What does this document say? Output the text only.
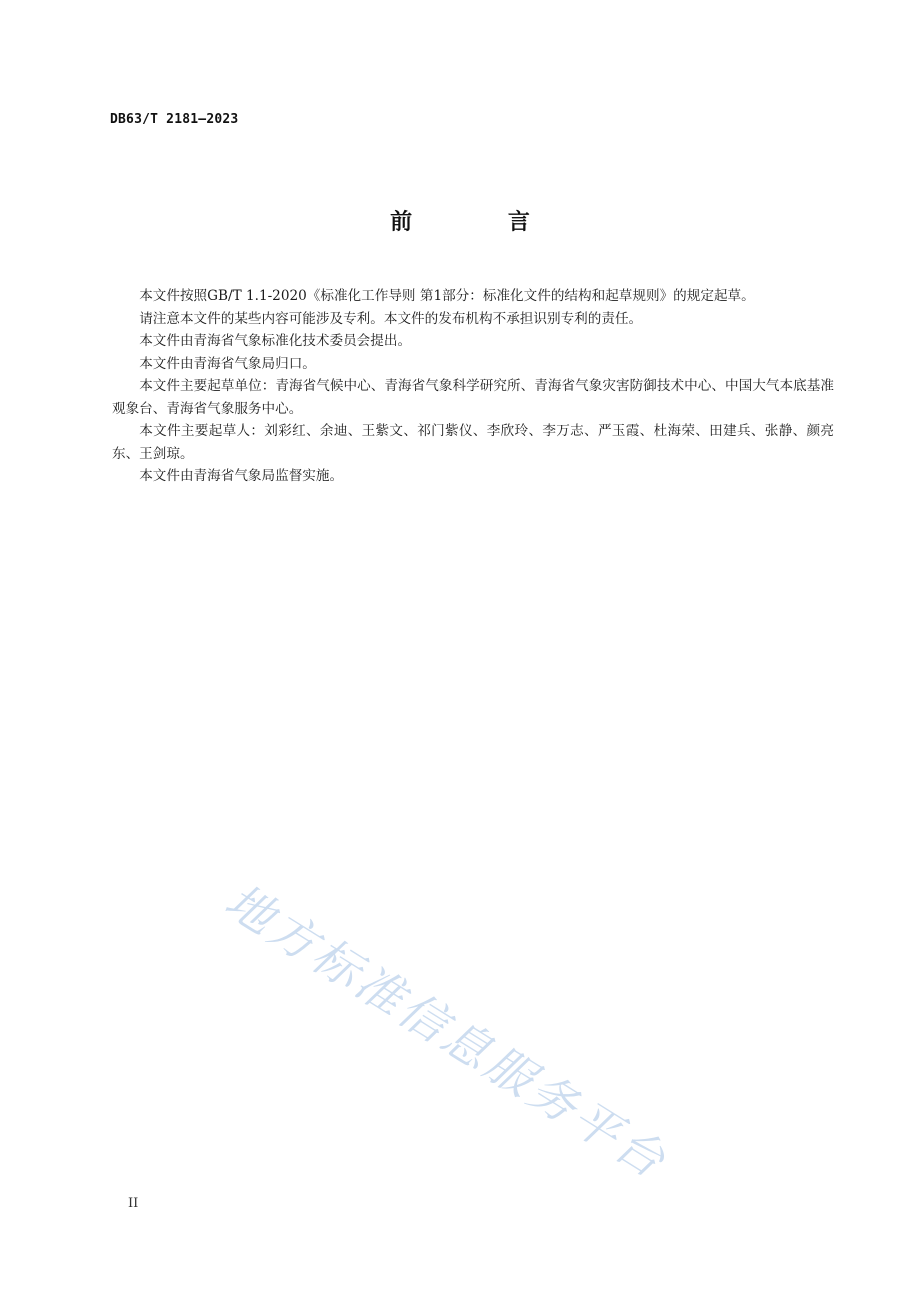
DB63/T 2181—2023
前 言

本文件按照GB/T 1.1-2020《标准化工作导则 第1部分：标准化文件的结构和起草规则》的规定起草。

请注意本文件的某些内容可能涉及专利。本文件的发布机构不承担识别专利的责任。

本文件由青海省气象标准化技术委员会提出。

本文件由青海省气象局归口。

本文件主要起草单位：青海省气候中心、青海省气象科学研究所、青海省气象灾害防御技术中心、中国大气本底基准观象台、青海省气象服务中心。

本文件主要起草人：刘彩红、余迪、王紫文、祁门紫仪、李欣玲、李万志、严玉霞、杜海荣、田建兵、张静、颜亮东、王剑琼。

本文件由青海省气象局监督实施。

地方标准信息服务平台
II
